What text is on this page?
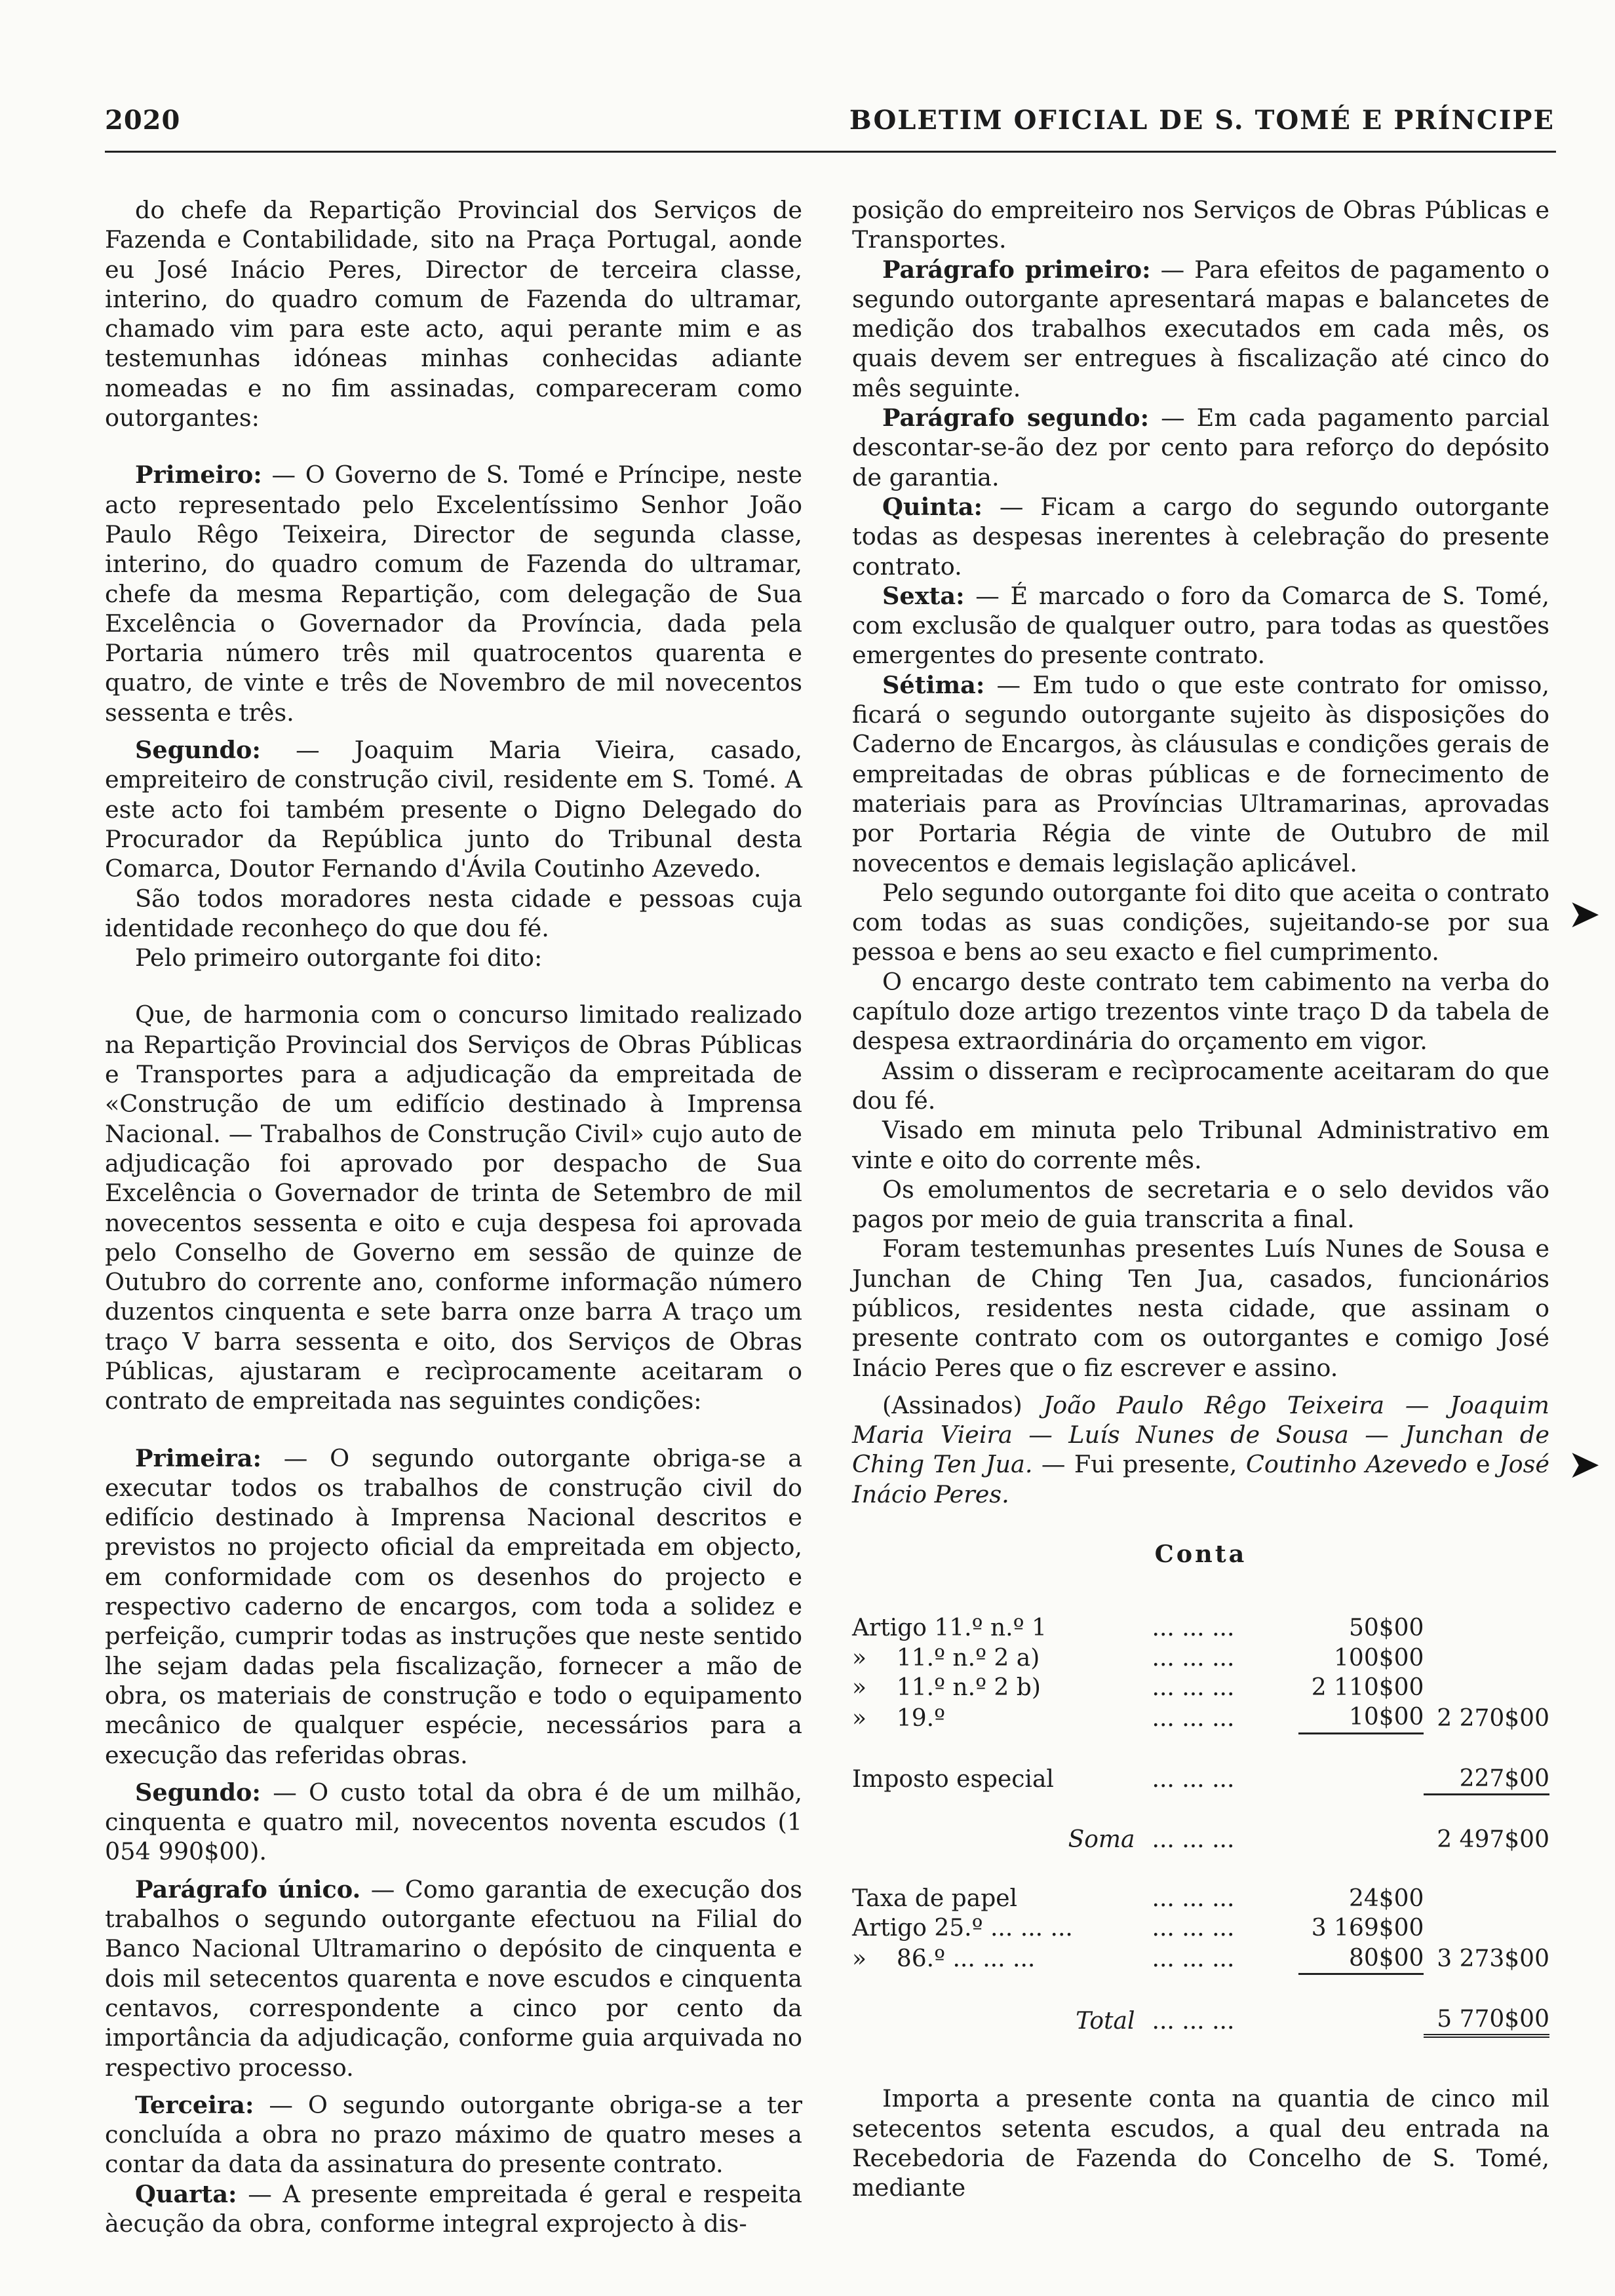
2020	BOLETIM OFICIAL DE S. TOMÉ E PRÍNCIPE

do chefe da Repartição Provincial dos Serviços de Fazenda e Contabilidade, sito na Praça Portugal, aonde eu José Inácio Peres, Director de terceira classe, interino, do quadro comum de Fazenda do ultramar, chamado vim para este acto, aqui perante mim e as testemunhas idóneas minhas conhecidas adiante nomeadas e no fim assinadas, compareceram como outorgantes:

Primeiro: — O Governo de S. Tomé e Príncipe, neste acto representado pelo Excelentíssimo Senhor João Paulo Rêgo Teixeira, Director de segunda classe, interino, do quadro comum de Fazenda do ultramar, chefe da mesma Repartição, com delegação de Sua Excelência o Governador da Província, dada pela Portaria número três mil quatrocentos quarenta e quatro, de vinte e três de Novembro de mil novecentos sessenta e três.

Segundo: — Joaquim Maria Vieira, casado, empreiteiro de construção civil, residente em S. Tomé. A este acto foi também presente o Digno Delegado do Procurador da República junto do Tribunal desta Comarca, Doutor Fernando d'Ávila Coutinho Azevedo.

São todos moradores nesta cidade e pessoas cuja identidade reconheço do que dou fé.

Pelo primeiro outorgante foi dito:

Que, de harmonia com o concurso limitado realizado na Repartição Provincial dos Serviços de Obras Públicas e Transportes para a adjudicação da empreitada de «Construção de um edifício destinado à Imprensa Nacional. — Trabalhos de Construção Civil» cujo auto de adjudicação foi aprovado por despacho de Sua Excelência o Governador de trinta de Setembro de mil novecentos sessenta e oito e cuja despesa foi aprovada pelo Conselho de Governo em sessão de quinze de Outubro do corrente ano, conforme informação número duzentos cinquenta e sete barra onze barra A traço um traço V barra sessenta e oito, dos Serviços de Obras Públicas, ajustaram e recìprocamente aceitaram o contrato de empreitada nas seguintes condições:

Primeira: — O segundo outorgante obriga-se a executar todos os trabalhos de construção civil do edifício destinado à Imprensa Nacional descritos e previstos no projecto oficial da empreitada em objecto, em conformidade com os desenhos do projecto e respectivo caderno de encargos, com toda a solidez e perfeição, cumprir todas as instruções que neste sentido lhe sejam dadas pela fiscalização, fornecer a mão de obra, os materiais de construção e todo o equipamento mecânico de qualquer espécie, necessários para a execução das referidas obras.

Segundo: — O custo total da obra é de um milhão, cinquenta e quatro mil, novecentos noventa escudos (1 054 990$00).

Parágrafo único. — Como garantia de execução dos trabalhos o segundo outorgante efectuou na Filial do Banco Nacional Ultramarino o depósito de cinquenta e dois mil setecentos quarenta e nove escudos e cinquenta centavos, correspondente a cinco por cento da importância da adjudicação, conforme guia arquivada no respectivo processo.

Terceira: — O segundo outorgante obriga-se a ter concluída a obra no prazo máximo de quatro meses a contar da data da assinatura do presente contrato.

Quarta: — A presente empreitada é geral e respeita àecução da obra, conforme integral exprojecto à dis-

posição do empreiteiro nos Serviços de Obras Públicas e Transportes.

Parágrafo primeiro: — Para efeitos de pagamento o segundo outorgante apresentará mapas e balancetes de medição dos trabalhos executados em cada mês, os quais devem ser entregues à fiscalização até cinco do mês seguinte.

Parágrafo segundo: — Em cada pagamento parcial descontar-se-ão dez por cento para reforço do depósito de garantia.

Quinta: — Ficam a cargo do segundo outorgante todas as despesas inerentes à celebração do presente contrato.

Sexta: — É marcado o foro da Comarca de S. Tomé, com exclusão de qualquer outro, para todas as questões emergentes do presente contrato.

Sétima: — Em tudo o que este contrato for omisso, ficará o segundo outorgante sujeito às disposições do Caderno de Encargos, às cláusulas e condições gerais de empreitadas de obras públicas e de fornecimento de materiais para as Províncias Ultramarinas, aprovadas por Portaria Régia de vinte de Outubro de mil novecentos e demais legislação aplicável.

Pelo segundo outorgante foi dito que aceita o contrato com todas as suas condições, sujeitando-se por sua pessoa e bens ao seu exacto e fiel cumprimento.

O encargo deste contrato tem cabimento na verba do capítulo doze artigo trezentos vinte traço D da tabela de despesa extraordinária do orçamento em vigor.

Assim o disseram e recìprocamente aceitaram do que dou fé.

Visado em minuta pelo Tribunal Administrativo em vinte e oito do corrente mês.

Os emolumentos de secretaria e o selo devidos vão pagos por meio de guia transcrita a final.

Foram testemunhas presentes Luís Nunes de Sousa e Junchan de Ching Ten Jua, casados, funcionários públicos, residentes nesta cidade, que assinam o presente contrato com os outorgantes e comigo José Inácio Peres que o fiz escrever e assino.

(Assinados) João Paulo Rêgo Teixeira — Joaquim Maria Vieira — Luís Nunes de Sousa — Junchan de Ching Ten Jua. — Fui presente, Coutinho Azevedo e José Inácio Peres.

Conta

Artigo 11.º n.º 1	... ... ...	50$00	
» 11.º n.º 2 a)	... ... ...	100$00	
» 11.º n.º 2 b)	... ... ...	2 110$00	
» 19.º	... ... ...	10$00	2 270$00

Imposto especial	... ... ...		227$00

Soma	... ... ...		2 497$00

Taxa de papel	... ... ...	24$00	
Artigo 25.º ... ... ...	... ... ...	3 169$00	
» 86.º ... ... ...	... ... ...	80$00	3 273$00

Total	... ... ...		5 770$00

Importa a presente conta na quantia de cinco mil setecentos setenta escudos, a qual deu entrada na Recebedoria de Fazenda do Concelho de S. Tomé, mediante

➤
➤
